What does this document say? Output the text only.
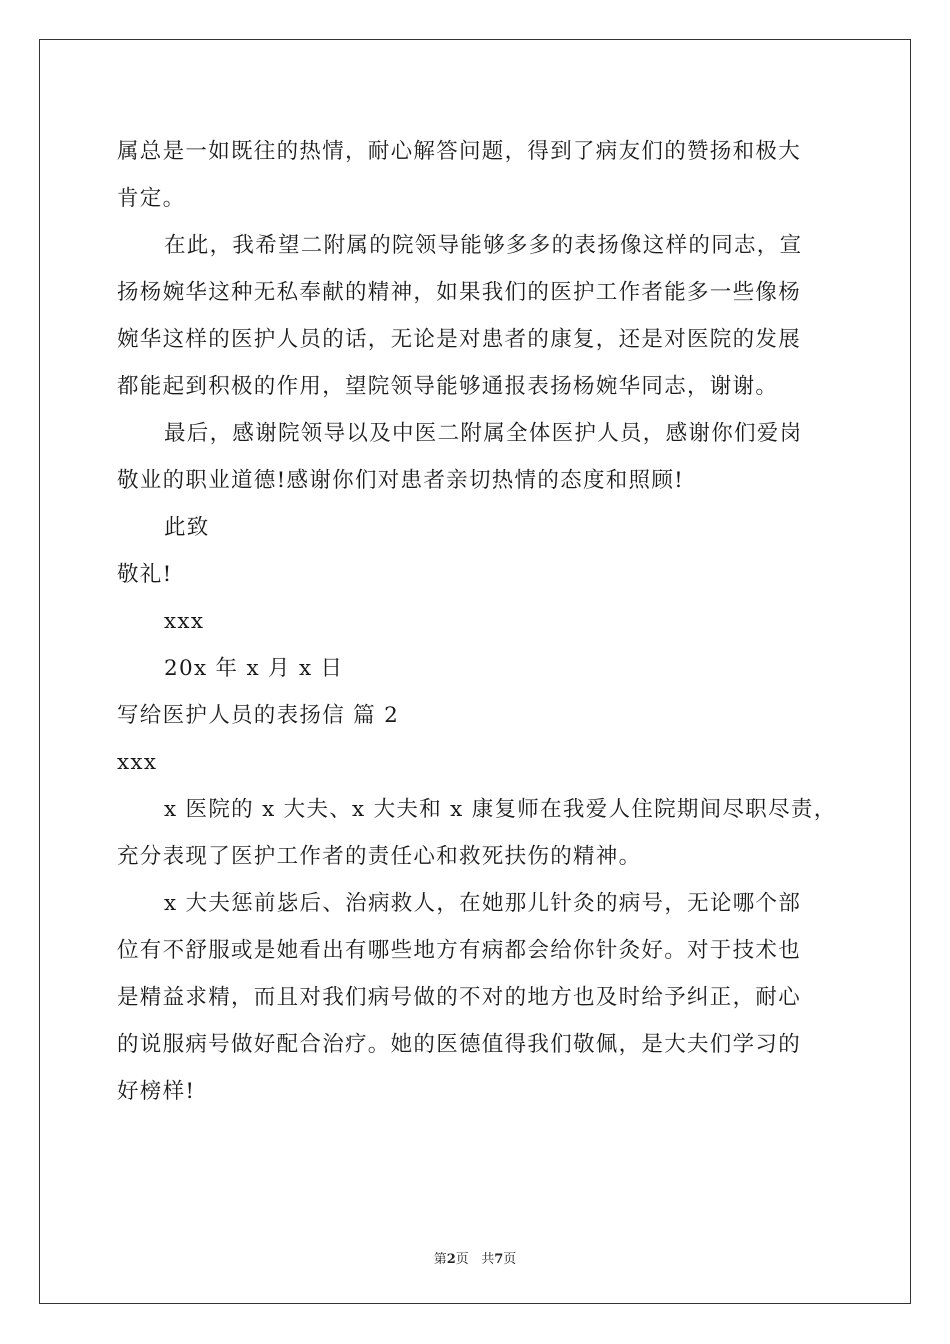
属总是一如既往的热情，耐心解答问题，得到了病友们的赞扬和极大
肯定。
在此，我希望二附属的院领导能够多多的表扬像这样的同志，宣
扬杨婉华这种无私奉献的精神，如果我们的医护工作者能多一些像杨
婉华这样的医护人员的话，无论是对患者的康复，还是对医院的发展
都能起到积极的作用，望院领导能够通报表扬杨婉华同志，谢谢。
最后，感谢院领导以及中医二附属全体医护人员，感谢你们爱岗
敬业的职业道德!感谢你们对患者亲切热情的态度和照顾!
此致
敬礼!
xxx
20x 年 x 月 x 日
写给医护人员的表扬信 篇 2
xxx
x 医院的 x 大夫、x 大夫和 x 康复师在我爱人住院期间尽职尽责，
充分表现了医护工作者的责任心和救死扶伤的精神。
x 大夫惩前毖后、治病救人，在她那儿针灸的病号，无论哪个部
位有不舒服或是她看出有哪些地方有病都会给你针灸好。对于技术也
是精益求精，而且对我们病号做的不对的地方也及时给予纠正，耐心
的说服病号做好配合治疗。她的医德值得我们敬佩，是大夫们学习的
好榜样!
第2页 共7页
